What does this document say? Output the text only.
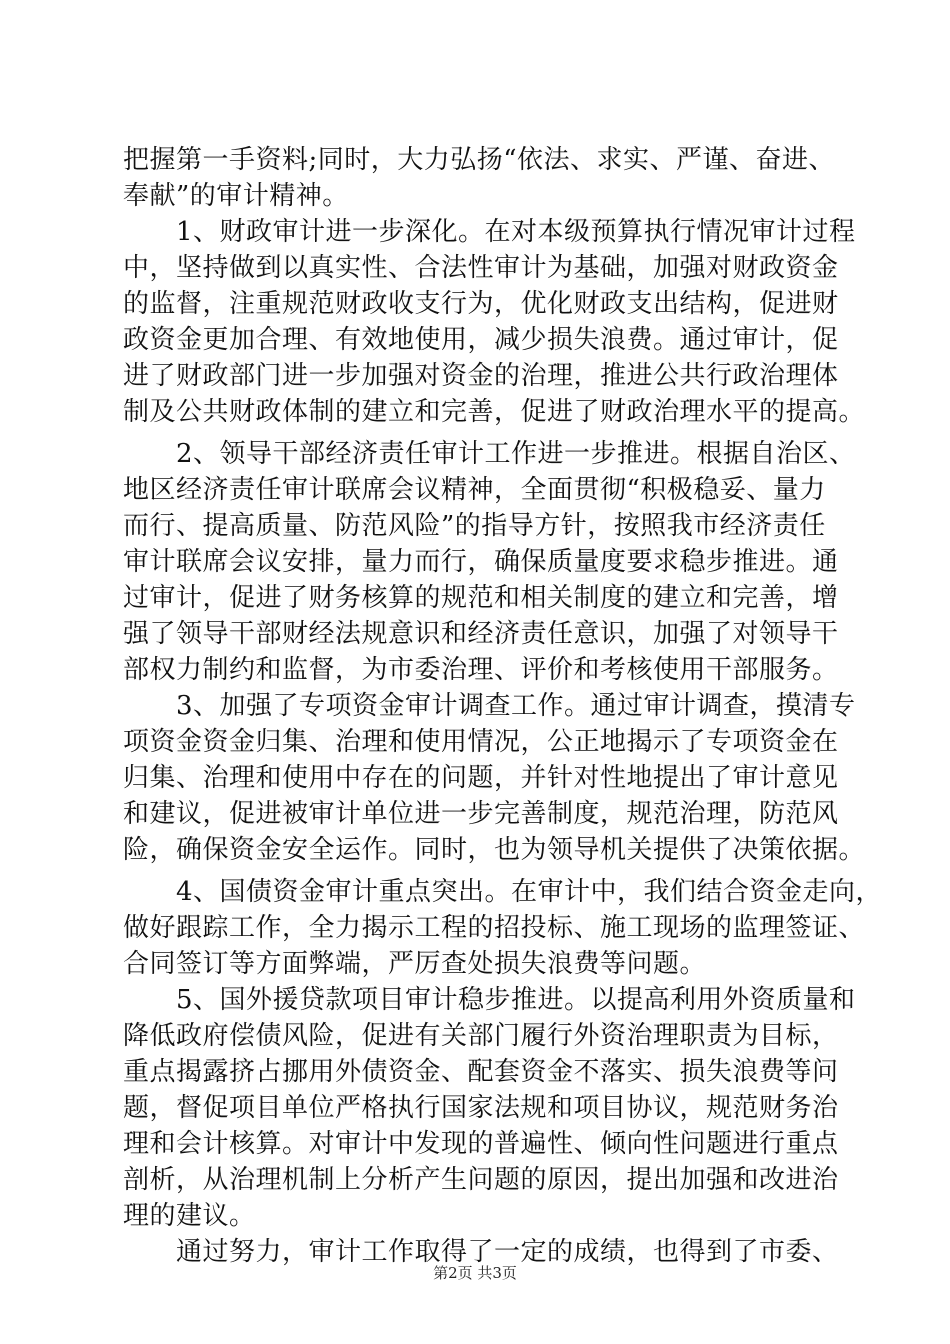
把握第一手资料;同时，大力弘扬“依法、求实、严谨、奋进、
奉献”的审计精神。
　　1、财政审计进一步深化。在对本级预算执行情况审计过程
中，坚持做到以真实性、合法性审计为基础，加强对财政资金
的监督，注重规范财政收支行为，优化财政支出结构，促进财
政资金更加合理、有效地使用，减少损失浪费。通过审计，促
进了财政部门进一步加强对资金的治理，推进公共行政治理体
制及公共财政体制的建立和完善，促进了财政治理水平的提高。
　　2、领导干部经济责任审计工作进一步推进。根据自治区、
地区经济责任审计联席会议精神，全面贯彻“积极稳妥、量力
而行、提高质量、防范风险”的指导方针，按照我市经济责任
审计联席会议安排，量力而行，确保质量度要求稳步推进。通
过审计，促进了财务核算的规范和相关制度的建立和完善，增
强了领导干部财经法规意识和经济责任意识，加强了对领导干
部权力制约和监督，为市委治理、评价和考核使用干部服务。
　　3、加强了专项资金审计调查工作。通过审计调查，摸清专
项资金资金归集、治理和使用情况，公正地揭示了专项资金在
归集、治理和使用中存在的问题，并针对性地提出了审计意见
和建议，促进被审计单位进一步完善制度，规范治理，防范风
险，确保资金安全运作。同时，也为领导机关提供了决策依据。
　　4、国债资金审计重点突出。在审计中，我们结合资金走向，
做好跟踪工作，全力揭示工程的招投标、施工现场的监理签证、
合同签订等方面弊端，严厉查处损失浪费等问题。
　　5、国外援贷款项目审计稳步推进。以提高利用外资质量和
降低政府偿债风险，促进有关部门履行外资治理职责为目标，
重点揭露挤占挪用外债资金、配套资金不落实、损失浪费等问
题，督促项目单位严格执行国家法规和项目协议，规范财务治
理和会计核算。对审计中发现的普遍性、倾向性问题进行重点
剖析，从治理机制上分析产生问题的原因，提出加强和改进治
理的建议。
　　通过努力，审计工作取得了一定的成绩，也得到了市委、
第2页 共3页
